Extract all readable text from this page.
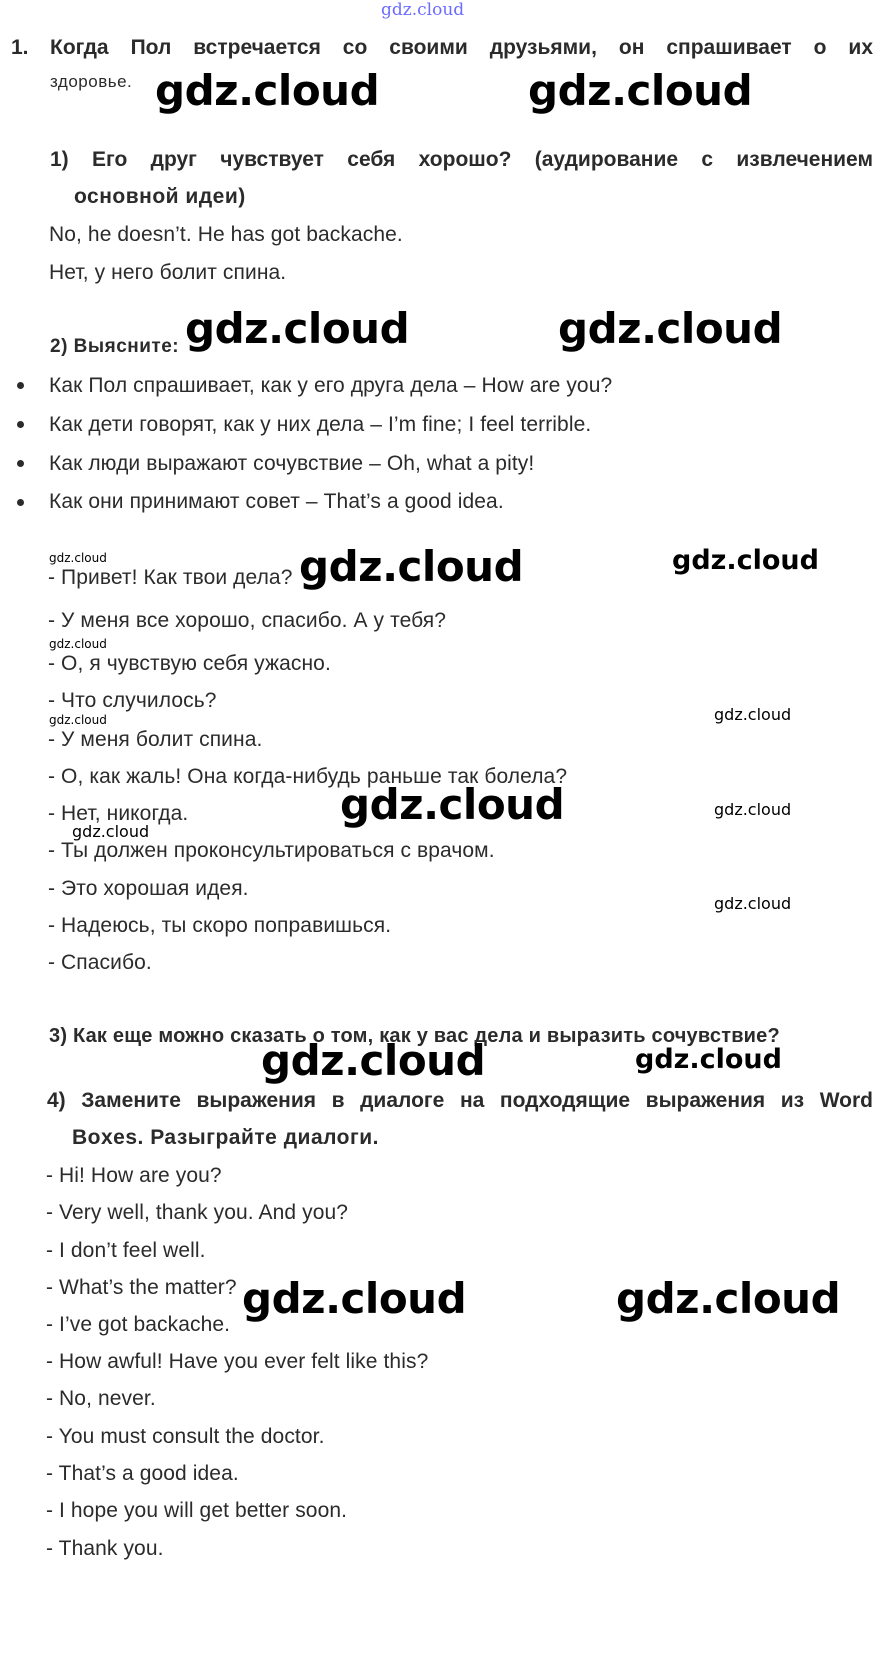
gdz.cloud
1. Когда Пол встречается со своими друзьями, он спрашивает о их
здоровье.
1) Его друг чувствует себя хорошо? (аудирование с извлечением
основной идеи)
No, he doesn’t. He has got backache.
Нет, у него болит спина.
2) Выясните:
Как Пол спрашивает, как у его друга дела – How are you?
Как дети говорят, как у них дела – I’m fine; I feel terrible.
Как люди выражают сочувствие – Oh, what a pity!
Как они принимают совет – That’s a good idea.
- Привет! Как твои дела?
- У меня все хорошо, спасибо. А у тебя?
- О, я чувствую себя ужасно.
- Что случилось?
- У меня болит спина.
- О, как жаль! Она когда-нибудь раньше так болела?
- Нет, никогда.
- Ты должен проконсультироваться с врачом.
- Это хорошая идея.
- Надеюсь, ты скоро поправишься.
- Спасибо.
3) Как еще можно сказать о том, как у вас дела и выразить сочувствие?
4) Замените выражения в диалоге на подходящие выражения из Word
Boxes. Разыграйте диалоги.
- Hi! How are you?
- Very well, thank you. And you?
- I don’t feel well.
- What’s the matter?
- I’ve got backache.
- How awful! Have you ever felt like this?
- No, never.
- You must consult the doctor.
- That’s a good idea.
- I hope you will get better soon.
- Thank you.
gdz.cloud	gdz.cloud
gdz.cloud	gdz.cloud
gdz.cloud	gdz.cloud	gdz.cloud
gdz.cloud
gdz.cloud
gdz.cloud
gdz.cloud	gdz.cloud
gdz.cloud
gdz.cloud
gdz.cloud	gdz.cloud
gdz.cloud	gdz.cloud
